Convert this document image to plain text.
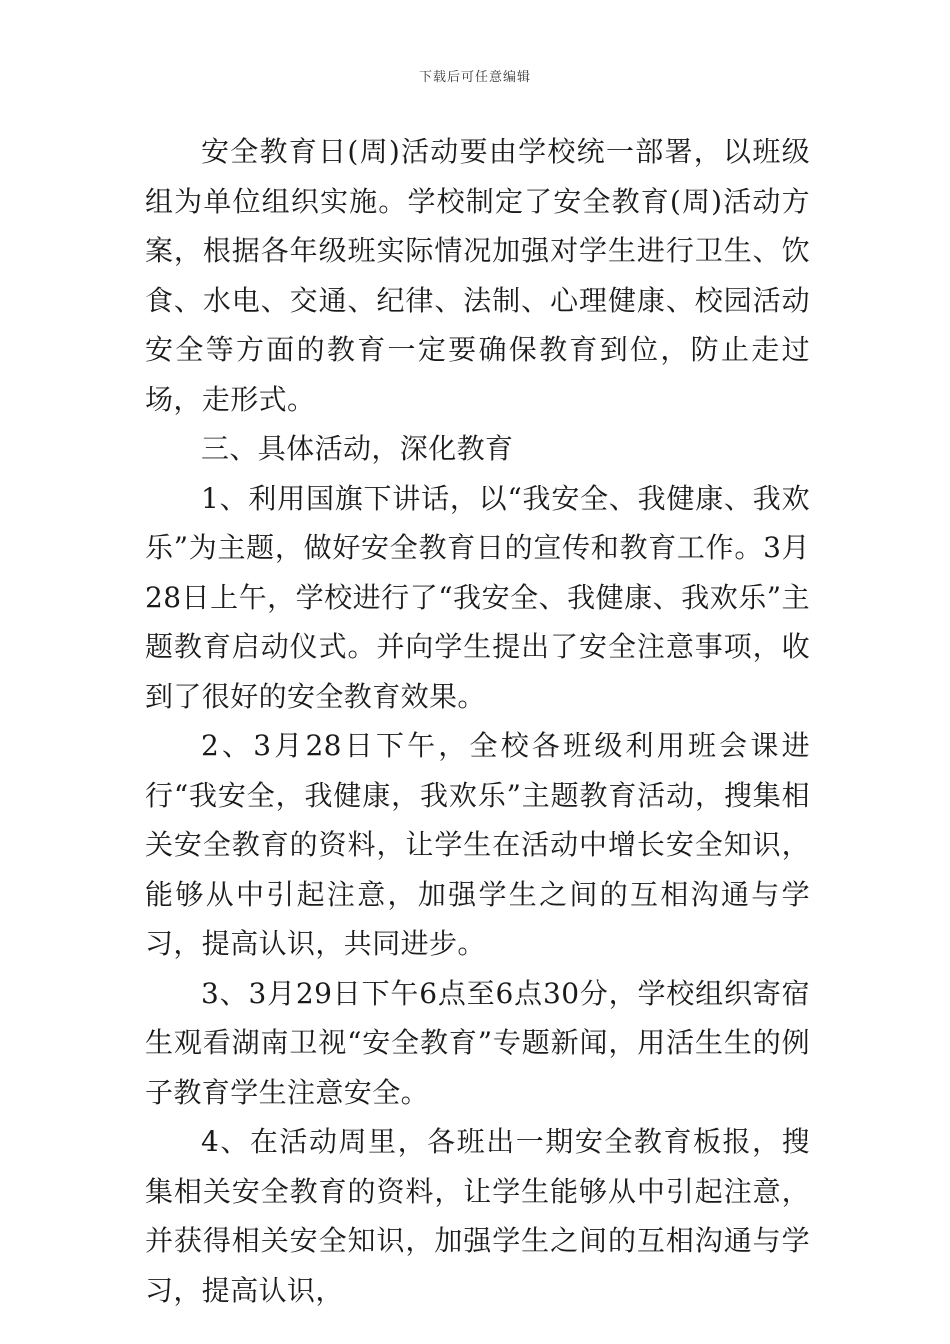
下载后可任意编辑

安全教育日(周)活动要由学校统一部署，以班级组为单位组织实施。学校制定了安全教育(周)活动方案，根据各年级班实际情况加强对学生进行卫生、饮食、水电、交通、纪律、法制、心理健康、校园活动安全等方面的教育一定要确保教育到位，防止走过场，走形式。

三、具体活动，深化教育

1、利用国旗下讲话，以“我安全、我健康、我欢乐”为主题，做好安全教育日的宣传和教育工作。3月28日上午，学校进行了“我安全、我健康、我欢乐”主题教育启动仪式。并向学生提出了安全注意事项，收到了很好的安全教育效果。

2、3月28日下午，全校各班级利用班会课进行“我安全，我健康，我欢乐”主题教育活动，搜集相关安全教育的资料，让学生在活动中增长安全知识，能够从中引起注意，加强学生之间的互相沟通与学习，提高认识，共同进步。

3、3月29日下午6点至6点30分，学校组织寄宿生观看湖南卫视“安全教育”专题新闻，用活生生的例子教育学生注意安全。

4、在活动周里，各班出一期安全教育板报，搜集相关安全教育的资料，让学生能够从中引起注意，并获得相关安全知识，加强学生之间的互相沟通与学习，提高认识，
